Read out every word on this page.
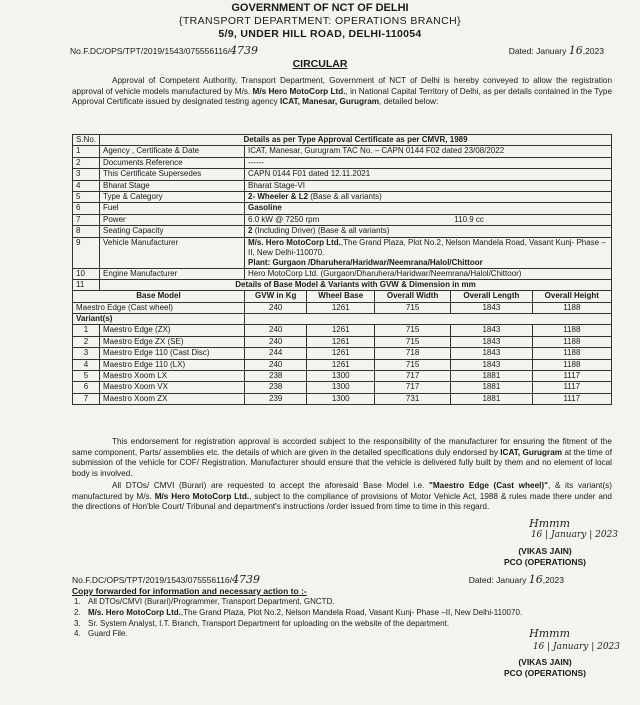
GOVERNMENT OF NCT OF DELHI
{TRANSPORT DEPARTMENT: OPERATIONS BRANCH}
5/9, UNDER HILL ROAD, DELHI-110054
No.F.DC/OPS/TPT/2019/1543/075556116/4739	Dated: January 16,2023
CIRCULAR
Approval of Competent Authority, Transport Department, Government of NCT of Delhi is hereby conveyed to allow the registration approval of vehicle models manufactured by M/s. M/s Hero MotoCorp Ltd., in National Capital Territory of Delhi, as per details contained in the Type Approval Certificate issued by designated testing agency ICAT, Manesar, Gurugram, detailed below:
S.No.	Details as per Type Approval Certificate as per CMVR, 1989					
1	Agency , Certificate & Date	ICAT, Manesar, Gurugram TAC No. – CAPN 0144 F02 dated 23/08/2022				
2	Documents Reference	------				
3	This Certificate Supersedes	CAPN 0144 F01 dated 12.11.2021				
4	Bharat Stage	Bharat Stage-VI				
5	Type & Category	2- Wheeler & L2 (Base & all variants)				
6	Fuel	Gasoline				
7	Power	6.0 kW @ 7250 rpm 110.9 cc				
8	Seating Capacity	2 (Including Driver) (Base & all variants)				
9	Vehicle Manufacturer	M/s. Hero MotoCorp Ltd.,The Grand Plaza, Plot No.2, Nelson Mandela Road, Vasant Kunj- Phase –II, New Delhi-110070.
Plant: Gurgaon /Dharuhera/Haridwar/Neemrana/Halol/Chittoor				
10	Engine Manufacturer	Hero MotoCorp Ltd. (Gurgaon/Dharuhera/Haridwar/Neemrana/Halol/Chittoor)				
11	Details of Base Model & Variants with GVW & Dimension in mm					
Base Model		GVW in Kg	Wheel Base	Overall Width	Overall Length	Overall Height
Maestro Edge (Cast wheel)		240	1261	715	1843	1188
Variant(s)						
1	Maestro Edge (ZX)	240	1261	715	1843	1188
2	Maestro Edge ZX (SE)	240	1261	715	1843	1188
3	Maestro Edge 110 (Cast Disc)	244	1261	718	1843	1188
4	Maestro Edge 110 (LX)	240	1261	715	1843	1188
5	Maestro Xoom LX	238	1300	717	1881	1117
6	Maestro Xoom VX	238	1300	717	1881	1117
7	Maestro Xoom ZX	239	1300	731	1881	1117
This endorsement for registration approval is accorded subject to the responsibility of the manufacturer for ensuring the fitment of the same component, Parts/ assemblies etc. the details of which are given in the detailed specifications duly endorsed by ICAT, Gurugram at the time of submission of the vehicle for COF/ Registration. Manufacturer should ensure that the vehicle is delivered fully built by them and no element of local body is involved.
All DTOs/ CMVI (Burari) are requested to accept the aforesaid Base Model i.e. "Maestro Edge (Cast wheel)", & its variant(s) manufactured by M/s. M/s Hero MotoCorp Ltd., subject to the compliance of provisions of Motor Vehicle Act, 1988 & rules made there under and the directions of Hon'ble Court/ Tribunal and department's instructions /order issued from time to time in this regard.
Hmmm
16 | January | 2023
(VIKAS JAIN)
PCO (OPERATIONS)
No.F.DC/OPS/TPT/2019/1543/075556116/4739	Dated: January 16,2023
Copy forwarded for information and necessary action to :-
1. All DTOs/CMVI (Burari)/Programmer, Transport Department, GNCTD.
2. M/s. Hero MotoCorp Ltd.,The Grand Plaza, Plot No.2, Nelson Mandela Road, Vasant Kunj- Phase –II, New Delhi-110070.
3. Sr. System Analyst, I.T. Branch, Transport Department for uploading on the website of the department.
4. Guard File.	Hmmm
16 | January | 2023
(VIKAS JAIN)
PCO (OPERATIONS)
